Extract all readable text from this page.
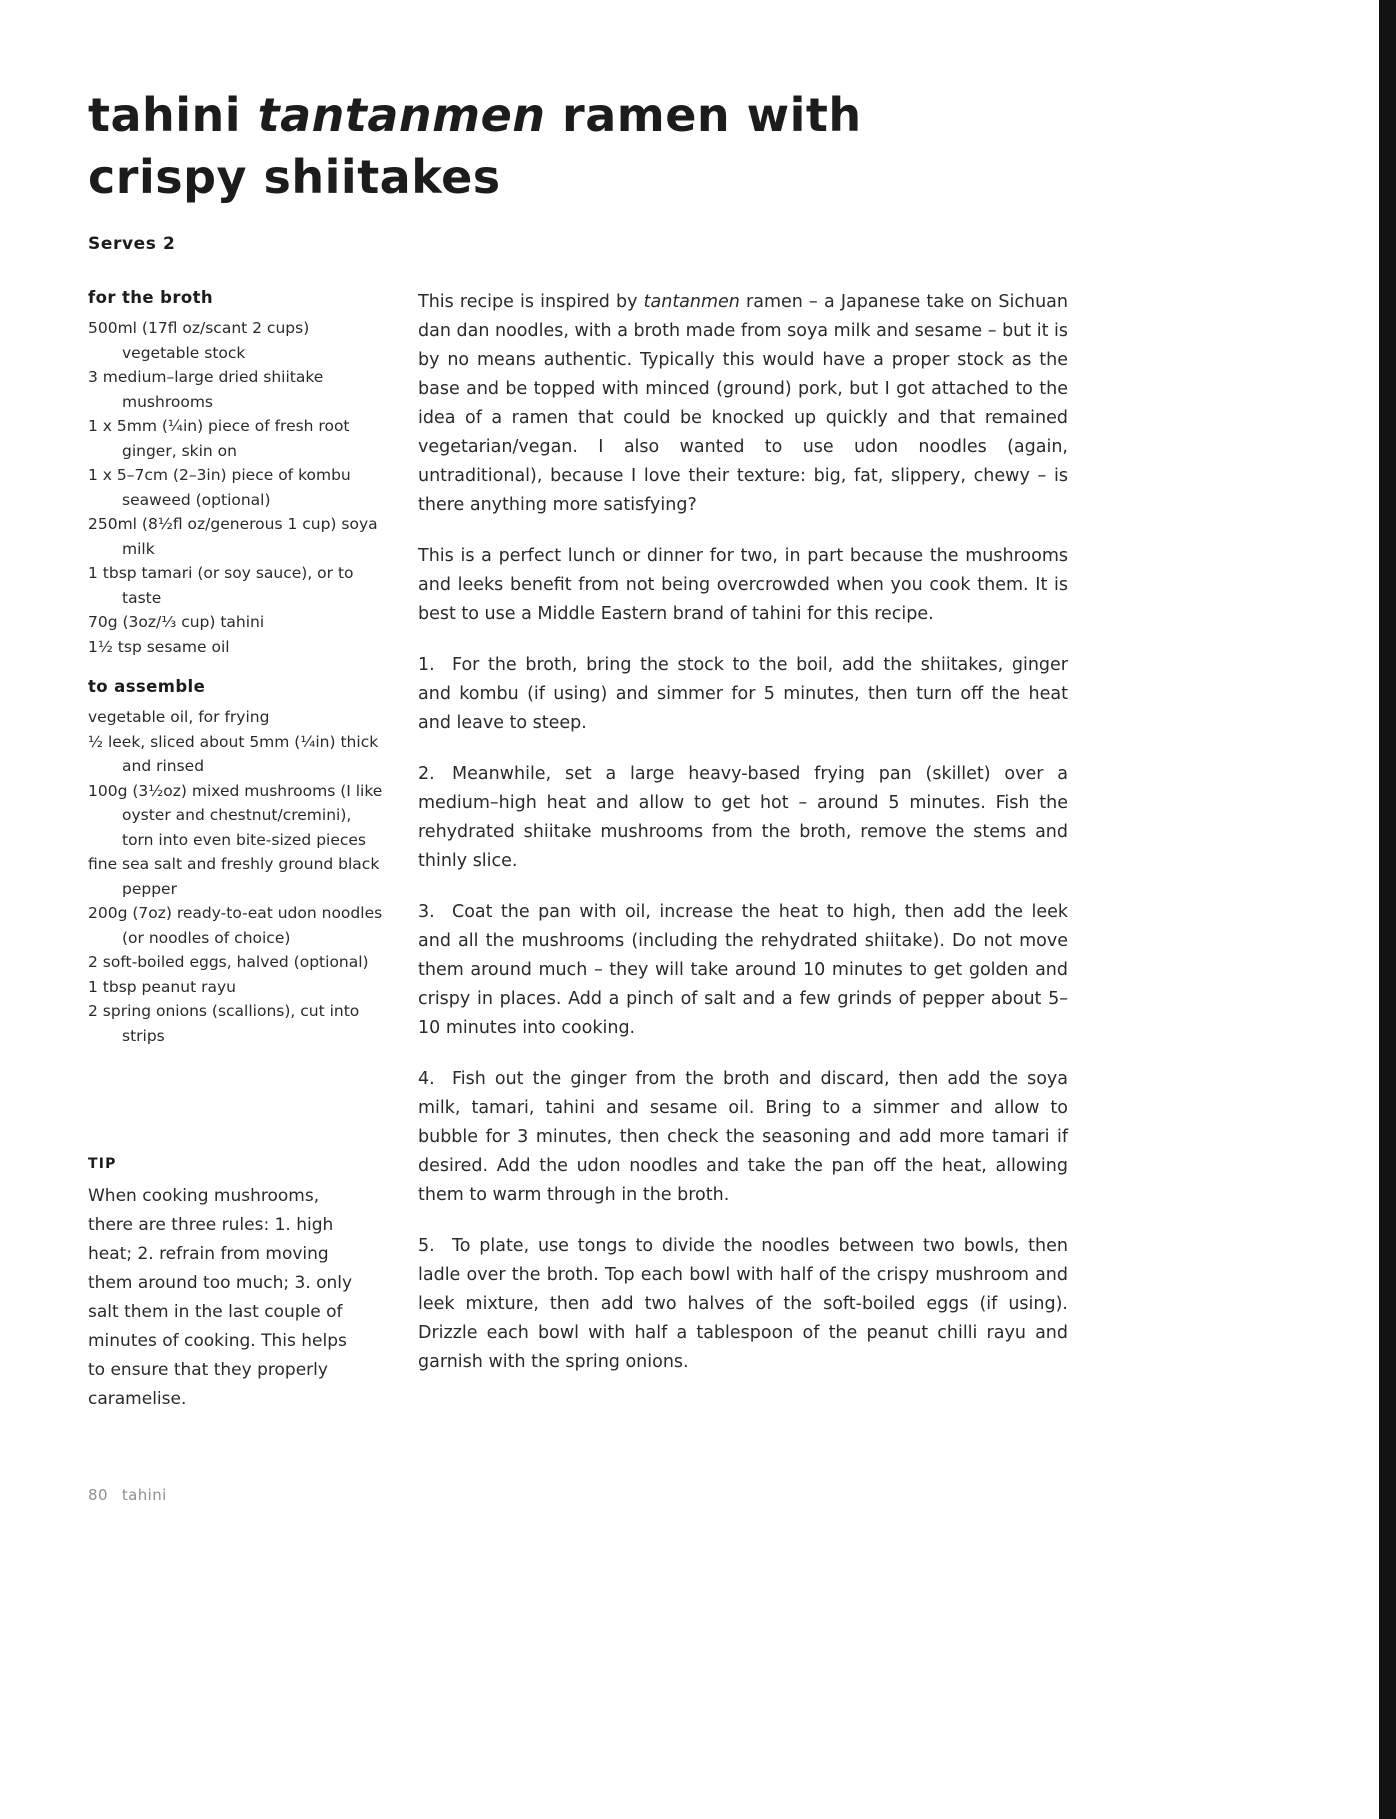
tahini tantanmen ramen with
crispy shiitakes
Serves 2
for the broth
500ml (17fl oz/scant 2 cups) vegetable stock
3 medium–large dried shiitake mushrooms
1 x 5mm (¼in) piece of fresh root ginger, skin on
1 x 5–7cm (2–3in) piece of kombu seaweed (optional)
250ml (8½fl oz/generous 1 cup) soya milk
1 tbsp tamari (or soy sauce), or to taste
70g (3oz/⅓ cup) tahini
1½ tsp sesame oil
to assemble
vegetable oil, for frying
½ leek, sliced about 5mm (¼in) thick and rinsed
100g (3½oz) mixed mushrooms (I like oyster and chestnut/cremini), torn into even bite-sized pieces
fine sea salt and freshly ground black pepper
200g (7oz) ready-to-eat udon noodles (or noodles of choice)
2 soft-boiled eggs, halved (optional)
1 tbsp peanut rayu
2 spring onions (scallions), cut into strips
TIP
When cooking mushrooms, there are three rules: 1. high heat; 2. refrain from moving them around too much; 3. only salt them in the last couple of minutes of cooking. This helps to ensure that they properly caramelise.

This recipe is inspired by tantanmen ramen – a Japanese take on Sichuan dan dan noodles, with a broth made from soya milk and sesame – but it is by no means authentic. Typically this would have a proper stock as the base and be topped with minced (ground) pork, but I got attached to the idea of a ramen that could be knocked up quickly and that remained vegetarian/vegan. I also wanted to use udon noodles (again, untraditional), because I love their texture: big, fat, slippery, chewy – is there anything more satisfying?

This is a perfect lunch or dinner for two, in part because the mushrooms and leeks benefit from not being overcrowded when you cook them. It is best to use a Middle Eastern brand of tahini for this recipe.

1. For the broth, bring the stock to the boil, add the shiitakes, ginger and kombu (if using) and simmer for 5 minutes, then turn off the heat and leave to steep.

2. Meanwhile, set a large heavy-based frying pan (skillet) over a medium–high heat and allow to get hot – around 5 minutes. Fish the rehydrated shiitake mushrooms from the broth, remove the stems and thinly slice.

3. Coat the pan with oil, increase the heat to high, then add the leek and all the mushrooms (including the rehydrated shiitake). Do not move them around much – they will take around 10 minutes to get golden and crispy in places. Add a pinch of salt and a few grinds of pepper about 5–10 minutes into cooking.

4. Fish out the ginger from the broth and discard, then add the soya milk, tamari, tahini and sesame oil. Bring to a simmer and allow to bubble for 3 minutes, then check the seasoning and add more tamari if desired. Add the udon noodles and take the pan off the heat, allowing them to warm through in the broth.

5. To plate, use tongs to divide the noodles between two bowls, then ladle over the broth. Top each bowl with half of the crispy mushroom and leek mixture, then add two halves of the soft-boiled eggs (if using). Drizzle each bowl with half a tablespoon of the peanut chilli rayu and garnish with the spring onions.

80 tahini
